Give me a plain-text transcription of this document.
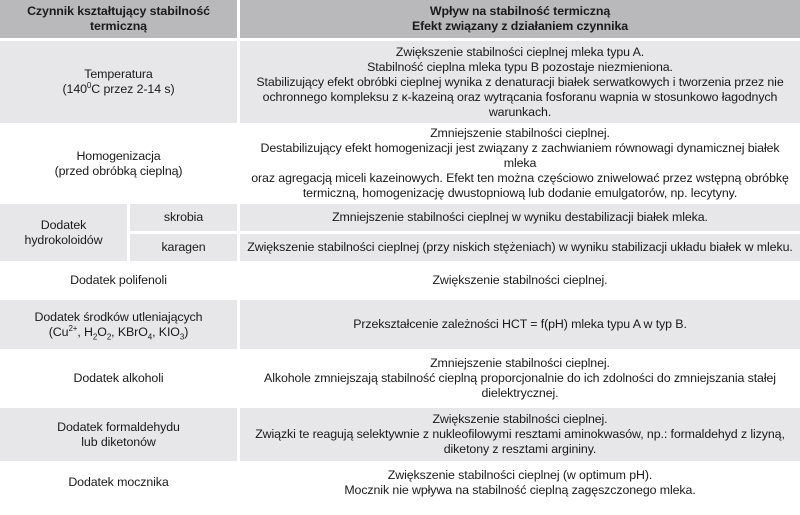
Czynnik kształtujący stabilność
termiczną

Wpływ na stabilność termiczną
Efekt związany z działaniem czynnika
Temperatura
($140^0C$ przez 2-14 s)		Zwiększenie stabilności cieplnej mleka typu A.
Stabilność cieplna mleka typu B pozostaje niezmieniona.
Stabilizujący efekt obróbki cieplnej wynika z denaturacji białek serwatkowych i tworzenia przez nie
ochronnego kompleksu z κ-kazeiną oraz wytrącania fosforanu wapnia w stosunkowo łagodnych
warunkach.

Homogenizacja
(przed obróbką cieplną)		Zmniejszenie stabilności cieplnej.
Destabilizujący efekt homogenizacji jest związany z zachwianiem równowagi dynamicznej białek mleka
oraz agregacją miceli kazeinowych. Efekt ten można częściowo zniwelować przez wstępną obróbkę
termiczną, homogenizację dwustopniową lub dodanie emulgatorów, np. lecytyny.

Dodatek
hydrokoloidów	skrobia	Zmniejszenie stabilności cieplnej w wyniku destabilizacji białek mleka.
	karagen	Zwiększenie stabilności cieplnej (przy niskich stężeniach) w wyniku stabilizacji układu białek w mleku.
Dodatek polifenoli		Zwiększenie stabilności cieplnej.

Dodatek środków utleniających
($Cu^{2+}$, $H_2O_2$, KBrO$_4$, $KIO_3$)		Przekształcenie zależności HCT = f(pH) mleka typu A w typ B.
Dodatek alkoholi		Zmniejszenie stabilności cieplnej.
Alkohole zmniejszają stabilność cieplną proporcjonalnie do ich zdolności do zmniejszania stałej
dielektrycznej.

Dodatek formaldehydu
lub diketonów		Zwiększenie stabilności cieplnej.
Związki te reagują selektywnie z nukleofilowymi resztami aminokwasów, np.: formaldehyd z lizyną,
diketony z resztami argininy.

Dodatek mocznika		Zwiększenie stabilności cieplnej (w optimum pH).
Mocznik nie wpływa na stabilność cieplną zagęszczonego mleka.
